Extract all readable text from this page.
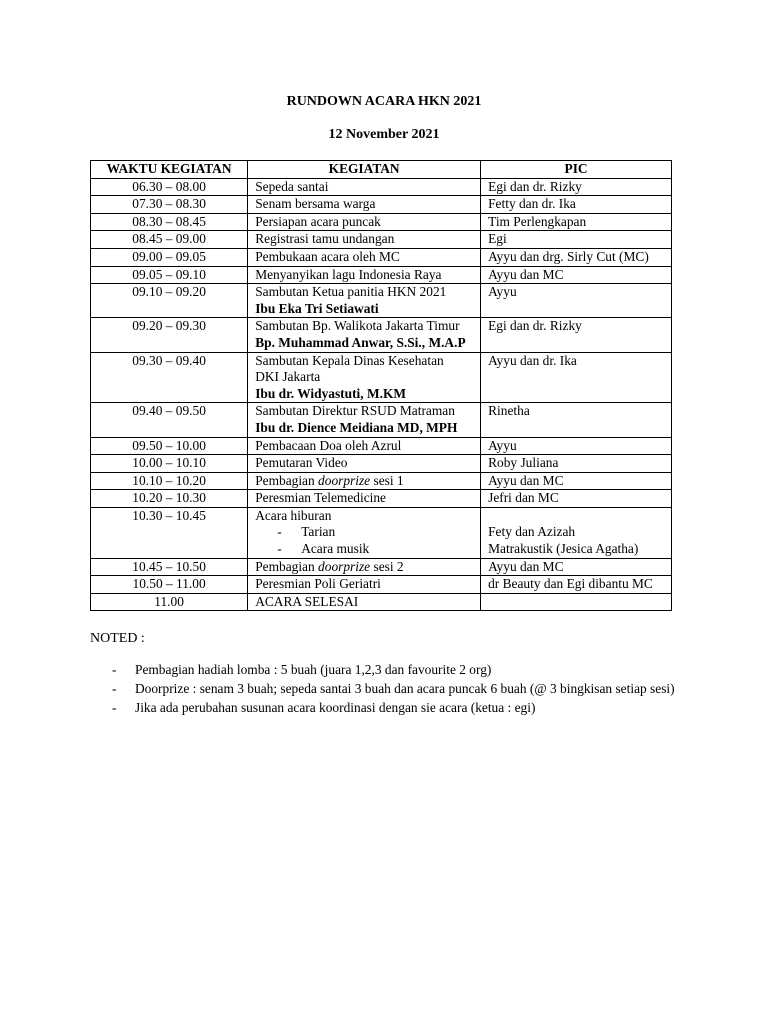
RUNDOWN ACARA HKN 2021
12 November 2021
WAKTU KEGIATAN	KEGIATAN	PIC
06.30 – 08.00	Sepeda santai	Egi dan dr. Rizky

07.30 – 08.30	Senam bersama warga	Fetty dan dr. Ika

08.30 – 08.45	Persiapan acara puncak	Tim Perlengkapan

08.45 – 09.00	Registrasi tamu undangan	Egi

09.00 – 09.05	Pembukaan acara oleh MC	Ayyu dan drg. Sirly Cut (MC)

09.05 – 09.10	Menyanyikan lagu Indonesia Raya	Ayyu dan MC

09.10 – 09.20	Sambutan Ketua panitia HKN 2021
Ibu Eka Tri Setiawati	Ayyu

09.20 – 09.30	Sambutan Bp. Walikota Jakarta Timur
Bp. Muhammad Anwar, S.Si., M.A.P	Egi dan dr. Rizky

09.30 – 09.40	Sambutan Kepala Dinas Kesehatan
DKI Jakarta
Ibu dr. Widyastuti, M.KM	Ayyu dan dr. Ika

09.40 – 09.50	Sambutan Direktur RSUD Matraman
Ibu dr. Dience Meidiana MD, MPH	Rinetha

09.50 – 10.00	Pembacaan Doa oleh Azrul	Ayyu

10.00 – 10.10	Pemutaran Video	Roby Juliana

10.10 – 10.20	Pembagian doorprize sesi 1	Ayyu dan MC

10.20 – 10.30	Peresmian Telemedicine	Jefri dan MC

10.30 – 10.45	Acara hiburan
- Tarian
- Acara musik	Fety dan Azizah
Matrakustik (Jesica Agatha)

10.45 – 10.50	Pembagian doorprize sesi 2	Ayyu dan MC

10.50 – 11.00	Peresmian Poli Geriatri	dr Beauty dan Egi dibantu MC

11.00	ACARA SELESAI	

NOTED :
- Pembagian hadiah lomba : 5 buah (juara 1,2,3 dan favourite 2 org)
- Doorprize : senam 3 buah; sepeda santai 3 buah dan acara puncak 6 buah (@ 3 bingkisan setiap sesi)
- Jika ada perubahan susunan acara koordinasi dengan sie acara (ketua : egi)
